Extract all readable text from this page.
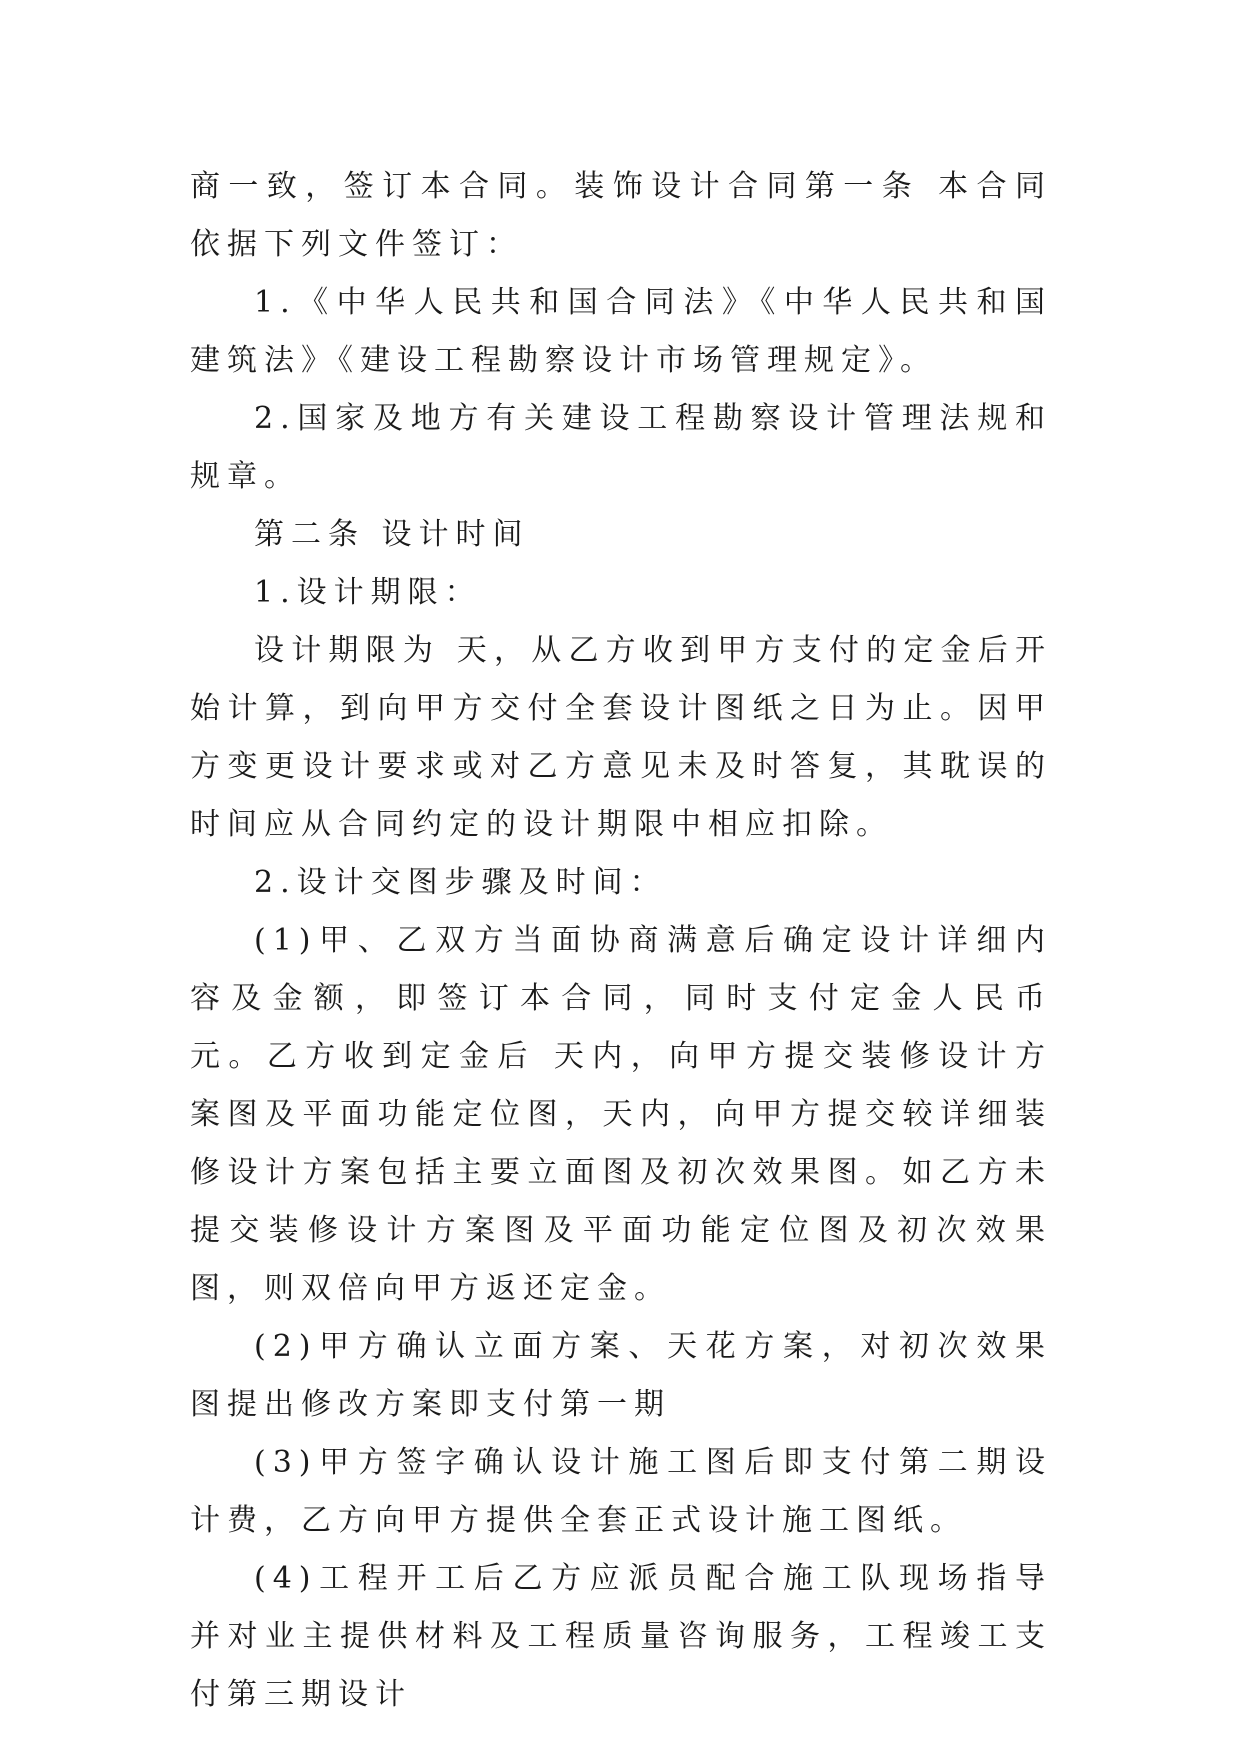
商一致，签订本合同。装饰设计合同第一条 本合同依据下列文件签订：

1.《中华人民共和国合同法》《中华人民共和国建筑法》《建设工程勘察设计市场管理规定》。

2.国家及地方有关建设工程勘察设计管理法规和规章。

第二条 设计时间

1.设计期限：

设计期限为 天，从乙方收到甲方支付的定金后开始计算，到向甲方交付全套设计图纸之日为止。因甲方变更设计要求或对乙方意见未及时答复，其耽误的时间应从合同约定的设计期限中相应扣除。

2.设计交图步骤及时间：

(1)甲、乙双方当面协商满意后确定设计详细内容及金额，即签订本合同，同时支付定金人民币 元。乙方收到定金后 天内，向甲方提交装修设计方案图及平面功能定位图，天内，向甲方提交较详细装修设计方案包括主要立面图及初次效果图。如乙方未提交装修设计方案图及平面功能定位图及初次效果图，则双倍向甲方返还定金。

(2)甲方确认立面方案、天花方案，对初次效果图提出修改方案即支付第一期

(3)甲方签字确认设计施工图后即支付第二期设计费，乙方向甲方提供全套正式设计施工图纸。

(4)工程开工后乙方应派员配合施工队现场指导并对业主提供材料及工程质量咨询服务，工程竣工支付第三期设计
